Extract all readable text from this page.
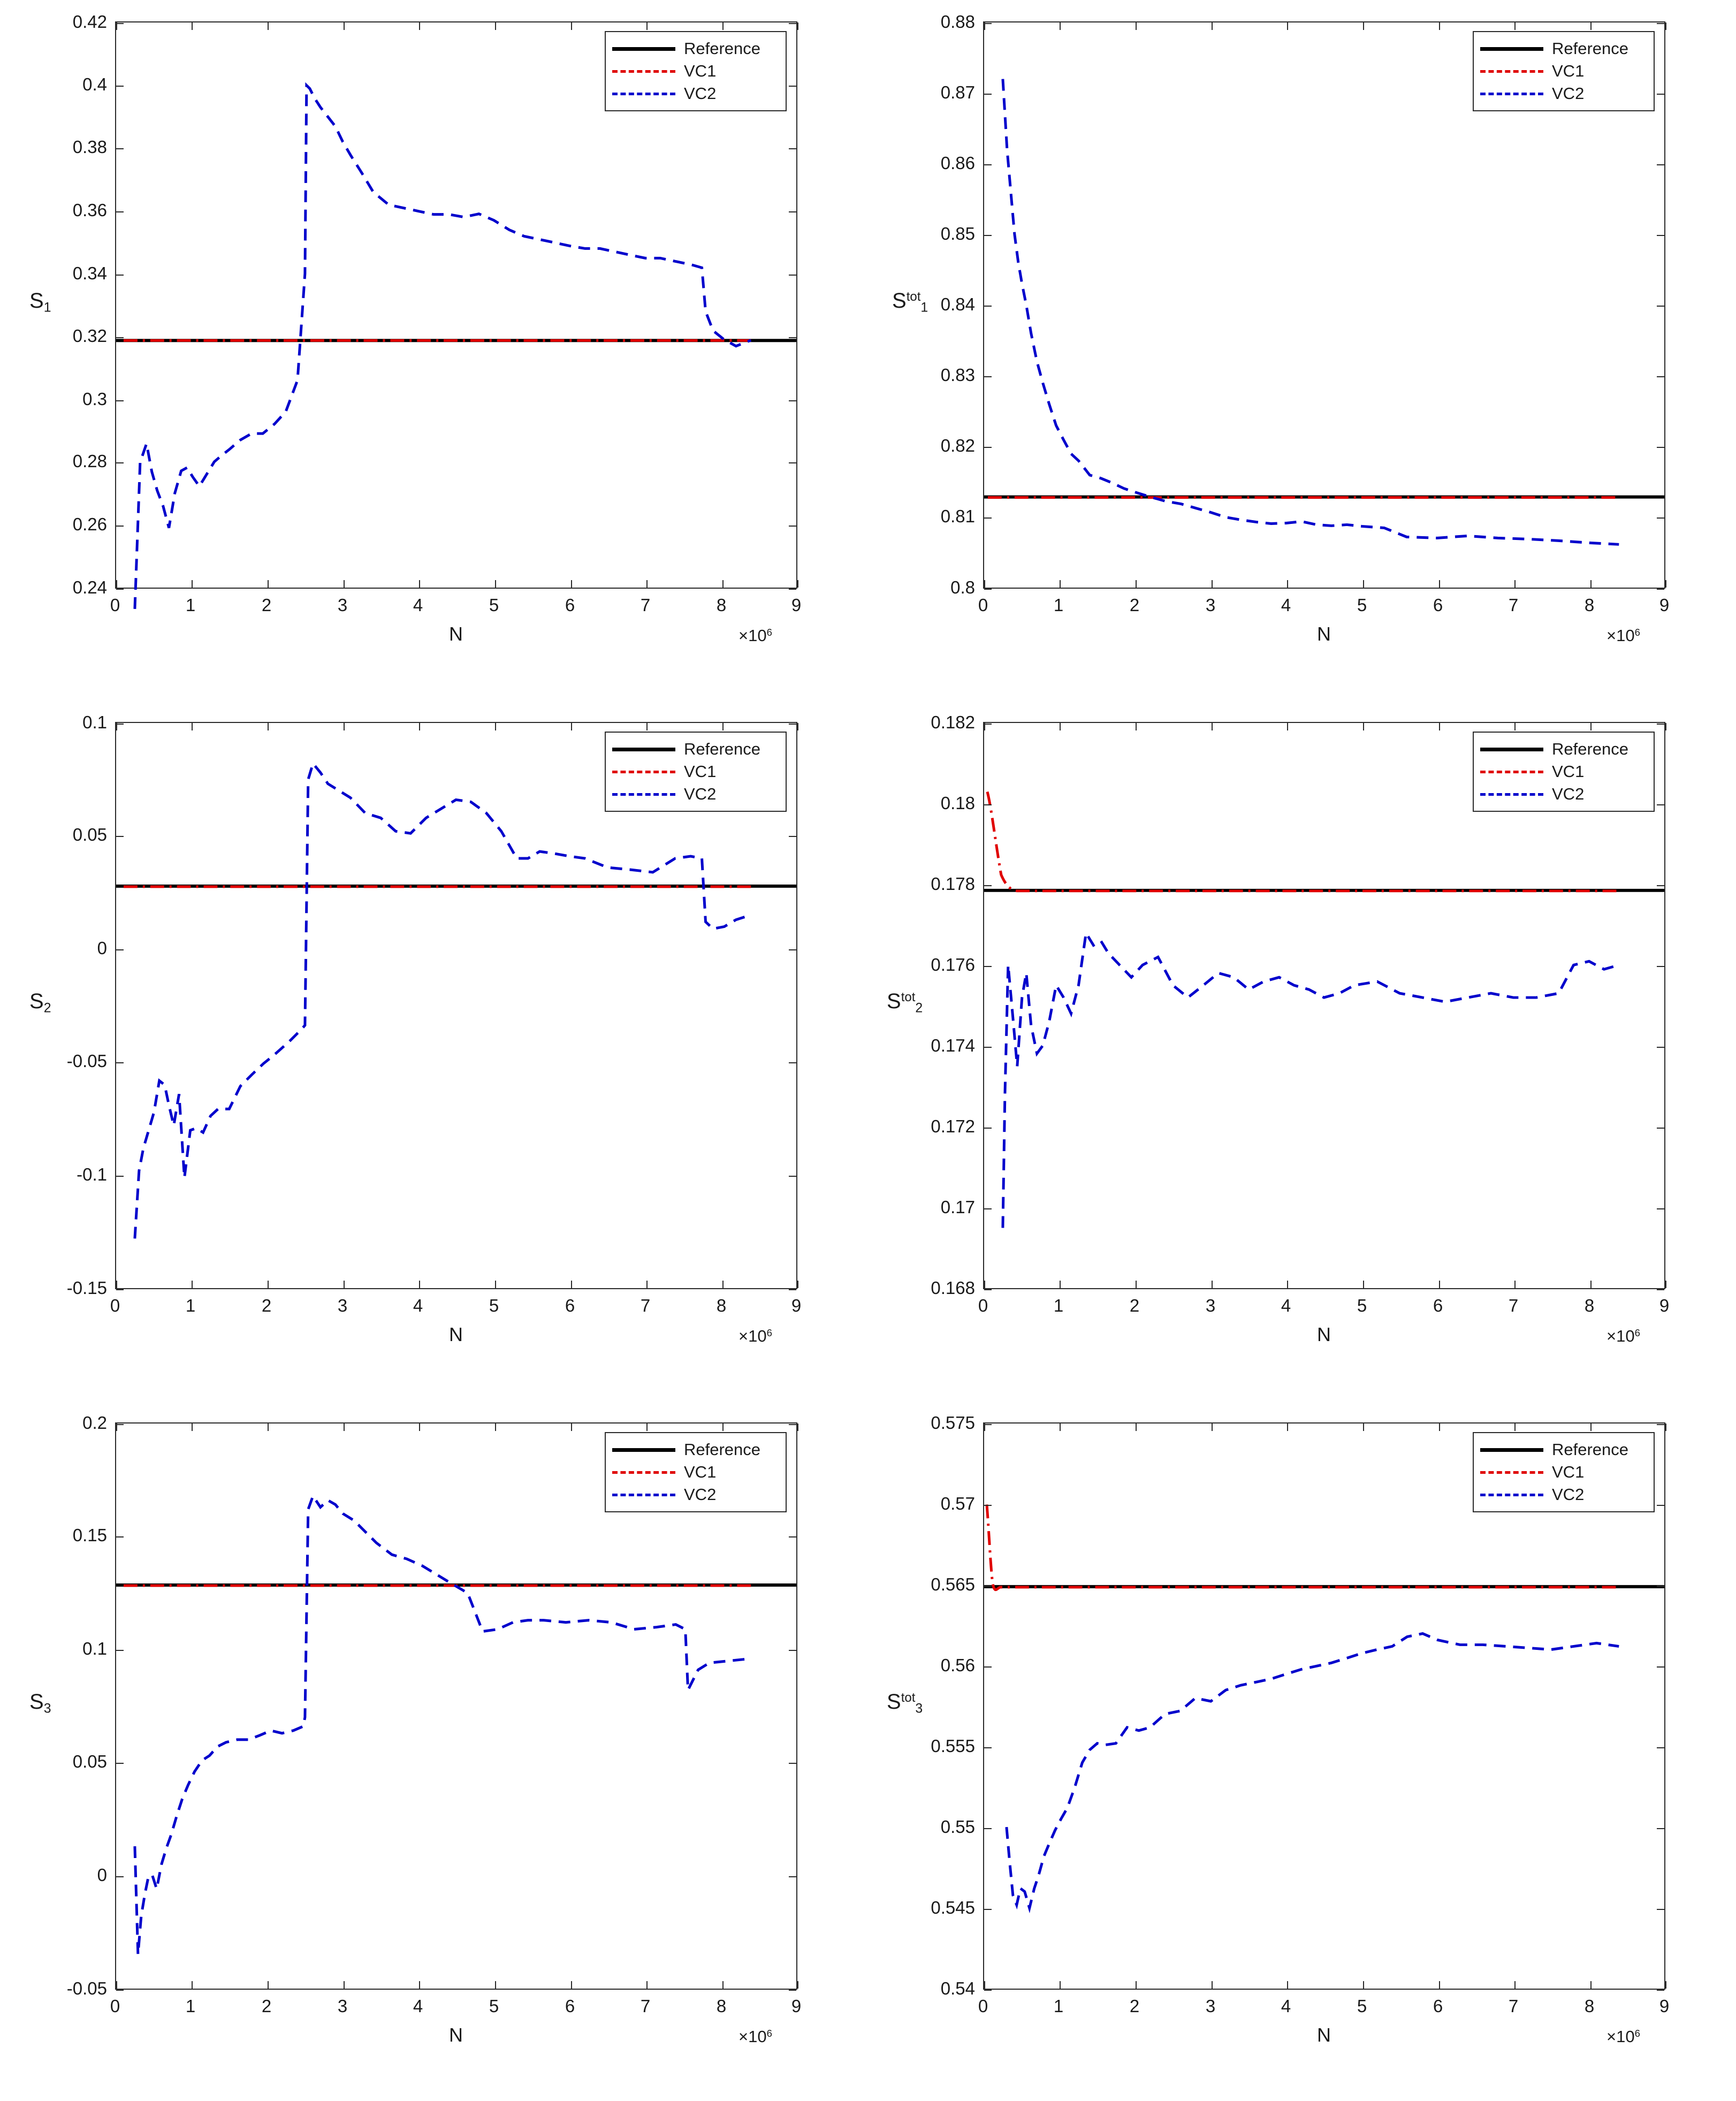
$S_1$
Reference
VC1
VC2
0	1	2	3	4	5	6	7	8	9
0.24
0.26
0.28
0.3
0.32
0.34
0.36
0.38
0.4
0.42
N	$\times 10^6$
$S^{tot}_1$
Reference
VC1
VC2
0	1	2	3	4	5	6	7	8	9
0.8
0.81
0.82
0.83
0.84
0.85
0.86
0.87
0.88
N	$\times 10^6$
$S_2$
Reference
VC1
VC2
0	1	2	3	4	5	6	7	8	9
-0.15
-0.1
-0.05
0
0.05
0.1
N	$\times 10^6$
$S^{tot}_2$
Reference
VC1
VC2
0	1	2	3	4	5	6	7	8	9
0.168
0.17
0.172
0.174
0.176
0.178
0.18
0.182
N	$\times 10^6$
$S_3$
Reference
VC1
VC2
0	1	2	3	4	5	6	7	8	9
-0.05
0
0.05
0.1
0.15
0.2
N	$\times 10^6$
$S^{tot}_3$
Reference
VC1
VC2
0	1	2	3	4	5	6	7	8	9
0.54
0.545
0.55
0.555
0.56
0.565
0.57
0.575
N	$\times 10^6$
